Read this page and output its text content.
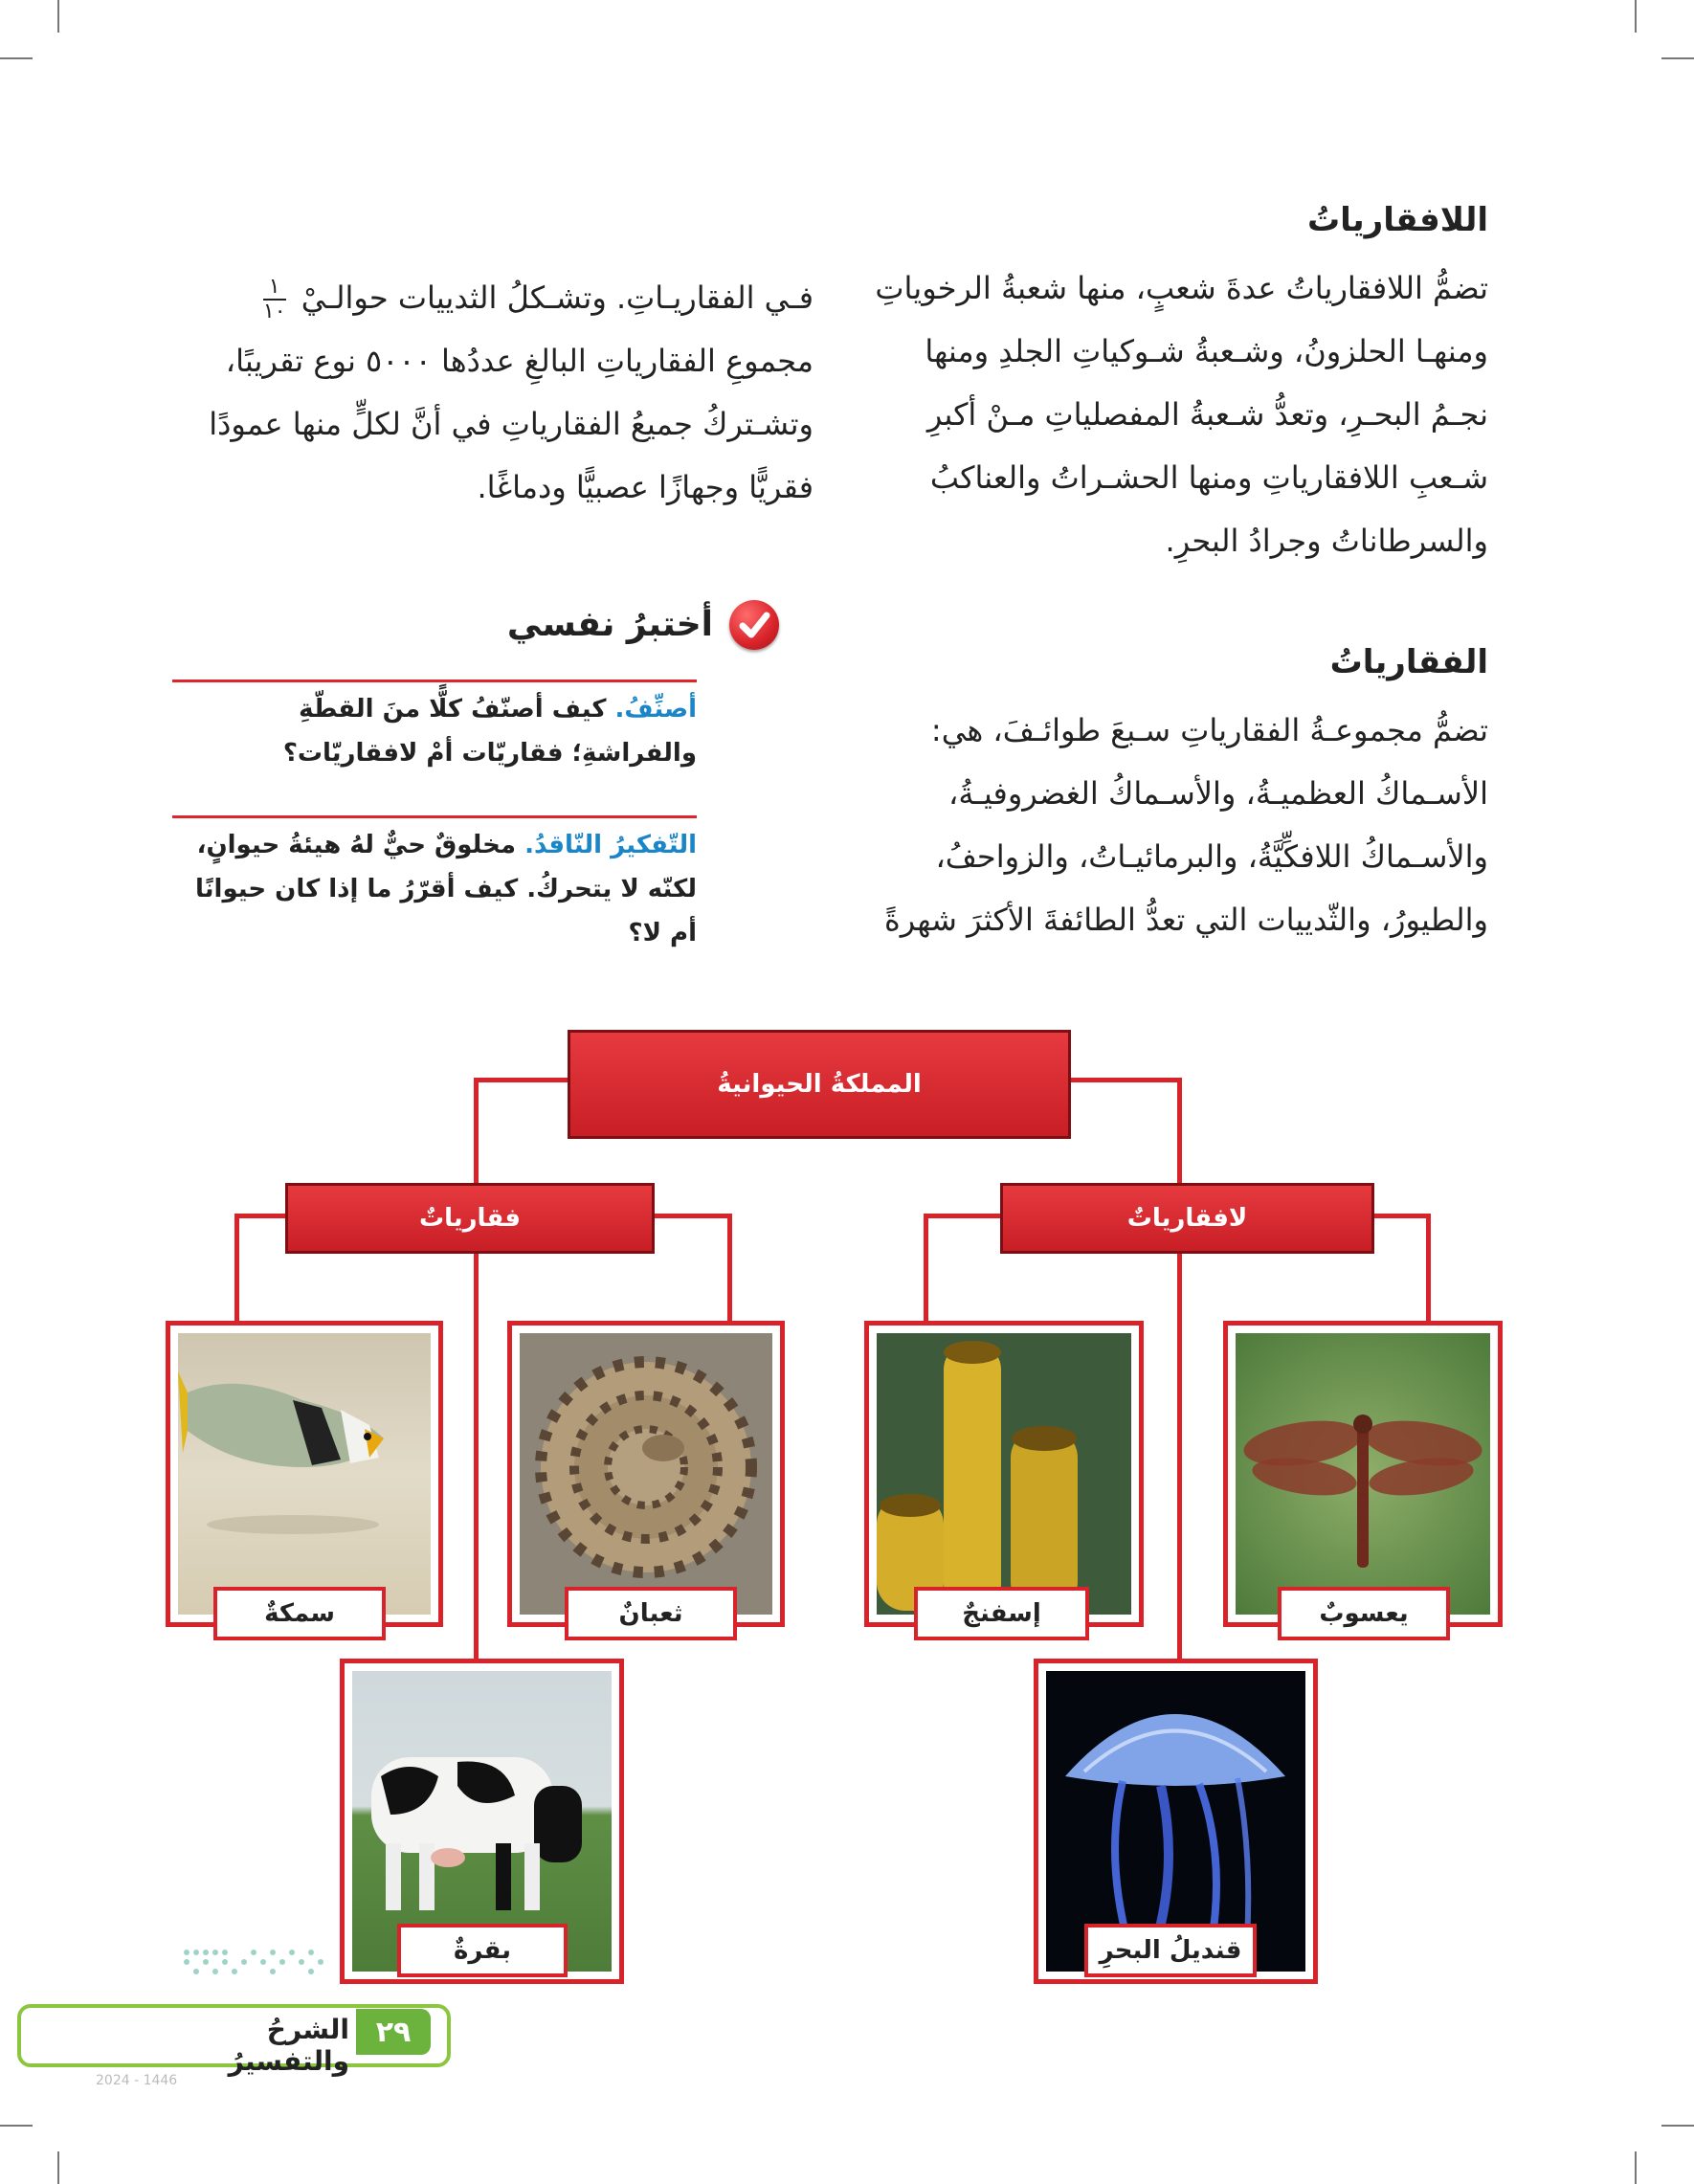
اللافقارياتُ

تضمُّ اللافقارياتُ عدةَ شعبٍ، منها شعبةُ الرخوياتِ

ومنهـا الحلزونُ، وشـعبةُ شـوكياتِ الجلدِ ومنها

نجـمُ البحـرِ، وتعدُّ شـعبةُ المفصلياتِ مـنْ أكبرِ

شـعبِ اللافقارياتِ ومنها الحشـراتُ والعناكبُ

والسرطاناتُ وجرادُ البحرِ.

الفقارياتُ

تضمُّ مجموعـةُ الفقارياتِ سـبعَ طوائـفَ، هي:

الأسـماكُ العظميـةُ، والأسـماكُ الغضروفيـةُ،

والأسـماكُ اللافكِّيَّةُ، والبرمائيـاتُ، والزواحفُ،

والطيورُ، والثّدييات التي تعدُّ الطائفةَ الأكثرَ شهرةً

فـي الفقاريـاتِ. وتشـكلُ الثدييات حوالـيْ
١
١٠

مجموعِ الفقارياتِ البالغِ عددُها ٥٠٠٠ نوع تقريبًا،

وتشـتركُ جميعُ الفقارياتِ في أنَّ لكلٍّ منها عمودًا

فقريًّا وجهازًا عصبيًّا ودماغًا.

أختبرُ نفسي
أصنِّفُ. كيف أصنّفُ كلًّا منَ القطّةِ والفراشةِ؛ فقاريّات أمْ لافقاريّات؟
التّفكيرُ النّاقدُ. مخلوقٌ حيٌّ لهُ هيئةُ حيوانٍ، لكنّه لا يتحركُ. كيف أقرّرُ ما إذا كان حيوانًا أم لا؟
المملكةُ الحيوانيةُ
فقارياتٌ	لافقارياتٌ
سمكةٌ	ثعبانٌ	إسفنجٌ	يعسوبٌ
بقرةٌ	قنديلُ البحرِ
٢٩
الشرحُ والتفسيرُ
2024 - 1446
